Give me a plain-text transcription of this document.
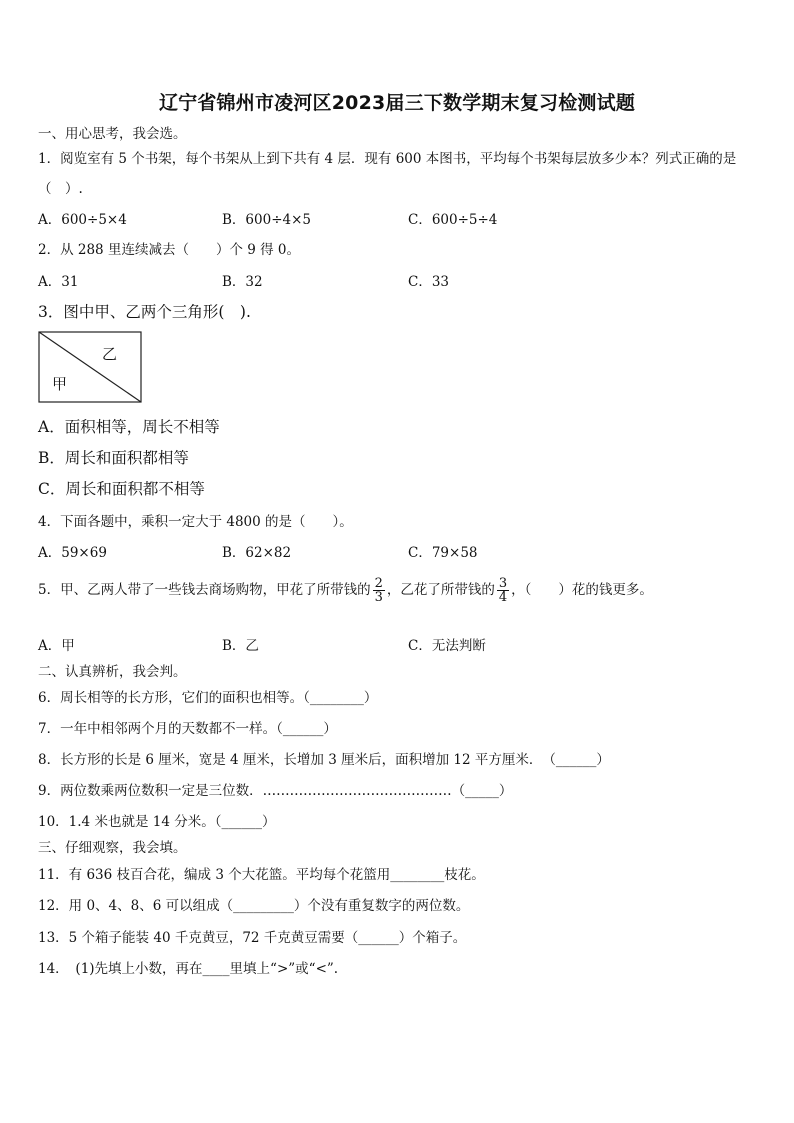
辽宁省锦州市凌河区2023届三下数学期末复习检测试题
一、用心思考，我会选。
1．阅览室有 5 个书架，每个书架从上到下共有 4 层．现有 600 本图书，平均每个书架每层放多少本？列式正确的是
（　）.
A．600÷5×4	B．600÷4×5	C．600÷5÷4
2．从 288 里连续减去（　　）个 9 得 0。
A．31	B．32	C．33
3．图中甲、乙两个三角形(　).
乙
甲
A．面积相等，周长不相等
B．周长和面积都相等
C．周长和面积都不相等
4．下面各题中，乘积一定大于 4800 的是（　　）。
A．59×69	B．62×82	C．79×58
5．甲、乙两人带了一些钱去商场购物，甲花了所带钱的 $\frac{2}{3}$ ，乙花了所带钱的 $\frac{3}{4}$ ，（　　）花的钱更多。
A．甲	B．乙	C．无法判断
二、认真辨析，我会判。
6．周长相等的长方形，它们的面积也相等。（________）
7．一年中相邻两个月的天数都不一样。（______）
8．长方形的长是 6 厘米，宽是 4 厘米，长增加 3 厘米后，面积增加 12 平方厘米．　（______）
9．两位数乘两位数积一定是三位数．……………………………………（_____）
10．1.4 米也就是 14 分米。（______）
三、仔细观察，我会填。
11．有 636 枝百合花，编成 3 个大花篮。平均每个花篮用________枝花。
12．用 0、4、8、6 可以组成（_________）个没有重复数字的两位数。
13．5 个箱子能装 40 千克黄豆，72 千克黄豆需要（______）个箱子。
14．　(1)先填上小数，再在____里填上“>”或“<”.
